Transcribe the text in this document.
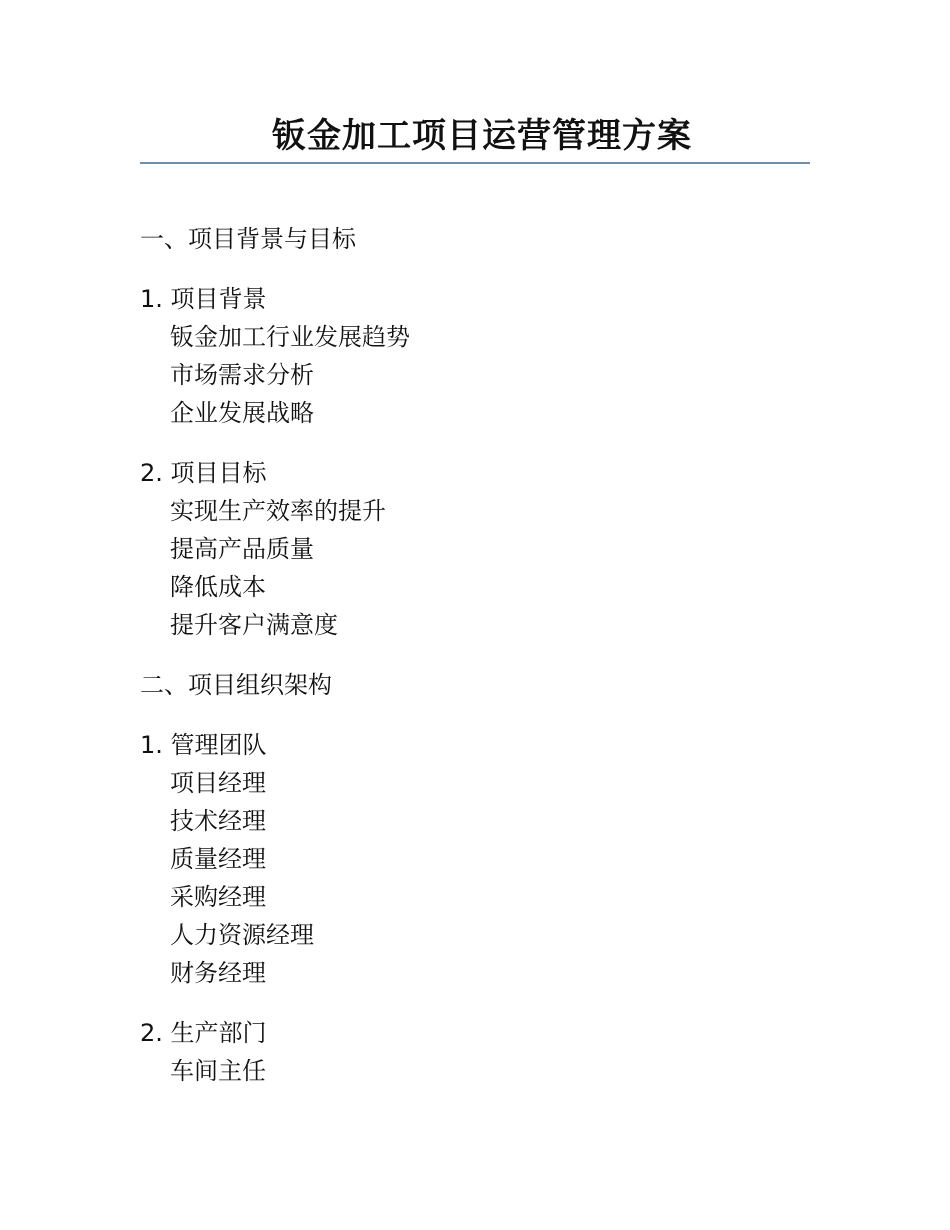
钣金加工项目运营管理方案
一、项目背景与目标
1. 项目背景
钣金加工行业发展趋势
市场需求分析
企业发展战略
2. 项目目标
实现生产效率的提升
提高产品质量
降低成本
提升客户满意度
二、项目组织架构
1. 管理团队
项目经理
技术经理
质量经理
采购经理
人力资源经理
财务经理
2. 生产部门
车间主任
